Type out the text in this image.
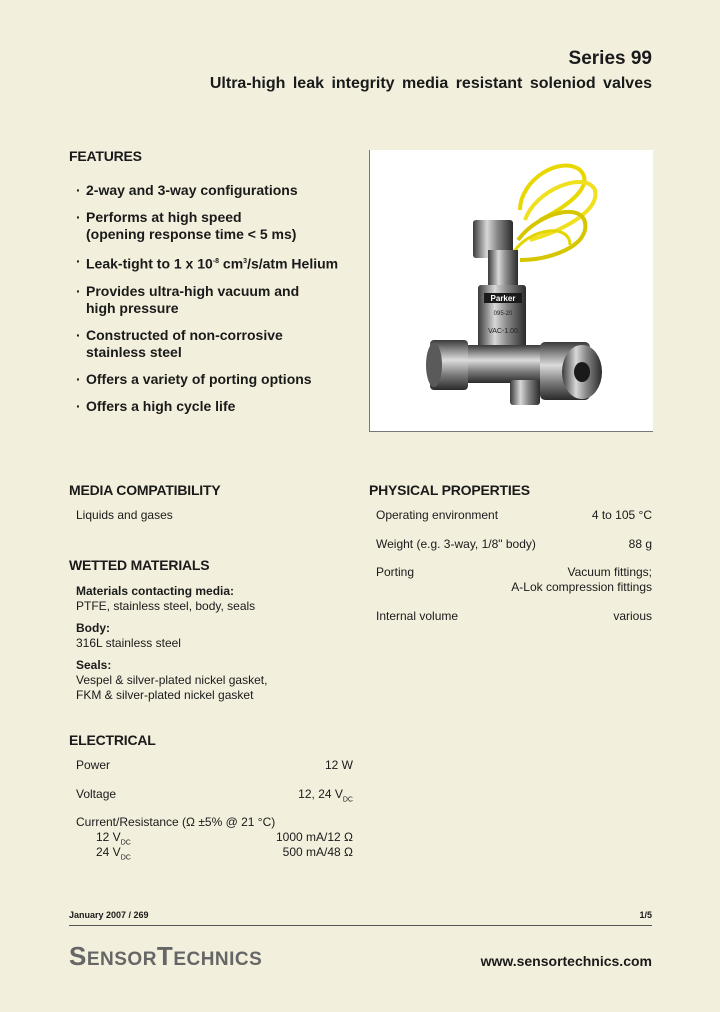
Series 99
Ultra-high leak integrity media resistant soleniod valves
FEATURES
· 2-way and 3-way configurations
· Performs at high speed
(opening response time < 5 ms)
· Leak-tight to 1 x $10^{-8}$ $cm^3/s$/atm Helium
· Provides ultra-high vacuum and
high pressure
· Constructed of non-corrosive
stainless steel
· Offers a variety of porting options
· Offers a high cycle life
Parker
095-20
VAC-1.00
MEDIA COMPATIBILITY
Liquids and gases
WETTED MATERIALS
Materials contacting media:
PTFE, stainless steel, body, seals
Body:
316L stainless steel
Seals:
Vespel & silver-plated nickel gasket,
FKM & silver-plated nickel gasket
ELECTRICAL
Power	12 W
Voltage	12, 24 $V_{DC}$
Current/Resistance (Ω ±5% @ 21 °C)
12 $V_{DC}$	1000 mA/12 Ω
24 $V_{DC}$	500 mA/48 Ω
PHYSICAL PROPERTIES
Operating environment	4 to 105 °C
Weight (e.g. 3-way, 1/8" body)	88 g
Porting	Vacuum fittings;
A-Lok compression fittings
Internal volume	various
January 2007 / 269	1/5
SENSORTECHNICS	www.sensortechnics.com
